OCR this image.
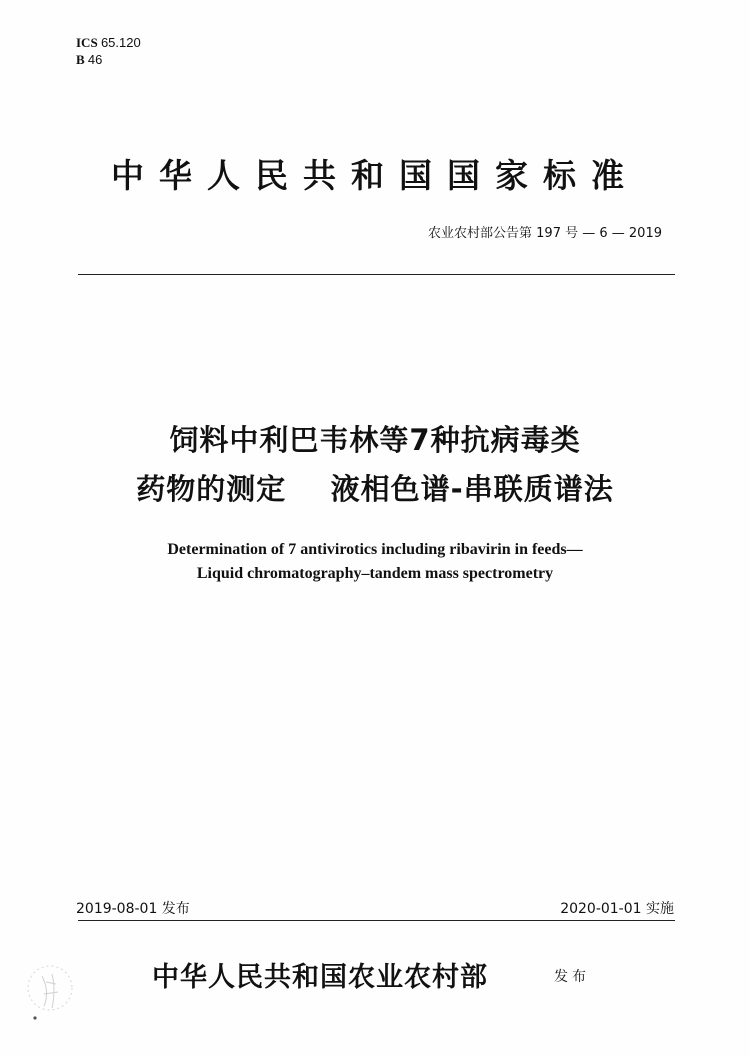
ICS 65.120
B 46
中华人民共和国国家标准
农业农村部公告第 197 号 — 6 — 2019
饲料中利巴韦林等7种抗病毒类
药物的测定    液相色谱-串联质谱法
Determination of 7 antivirotics including ribavirin in feeds—
Liquid chromatography–tandem mass spectrometry
2019-08-01 发布	2020-01-01 实施
中华人民共和国农业农村部	发布
